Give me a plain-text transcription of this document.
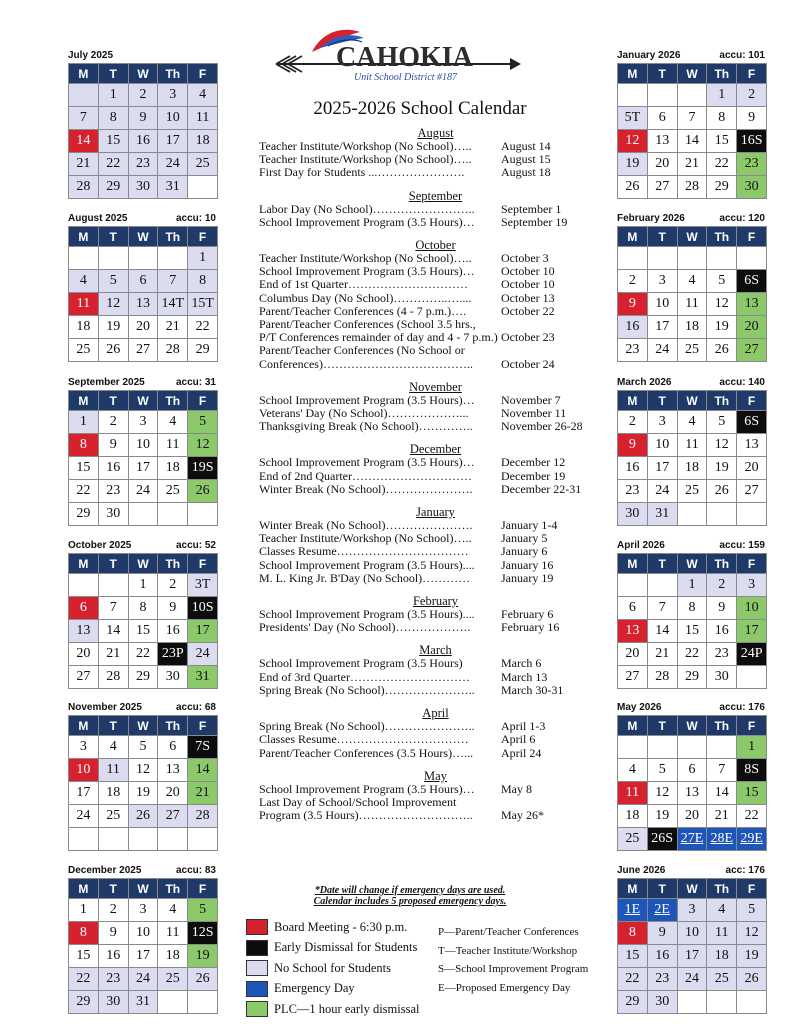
CAHOKIA
Unit School District #187
2025-2026 School Calendar
July 2025
M	T	W	Th	F
	1	2	3	4
7	8	9	10	11
14	15	16	17	18
21	22	23	24	25
28	29	30	31	
August 2025	accu: 10
M	T	W	Th	F
				1
4	5	6	7	8
11	12	13	14T	15T
18	19	20	21	22
25	26	27	28	29
September 2025	accu: 31
M	T	W	Th	F
1	2	3	4	5
8	9	10	11	12
15	16	17	18	19S
22	23	24	25	26
29	30			
October 2025	accu: 52
M	T	W	Th	F
		1	2	3T
6	7	8	9	10S
13	14	15	16	17
20	21	22	23P	24
27	28	29	30	31
November 2025	accu: 68
M	T	W	Th	F
3	4	5	6	7S
10	11	12	13	14
17	18	19	20	21
24	25	26	27	28

December 2025	accu: 83
M	T	W	Th	F
1	2	3	4	5
8	9	10	11	12S
15	16	17	18	19
22	23	24	25	26
29	30	31		
January 2026	accu: 101
M	T	W	Th	F
			1	2
5T	6	7	8	9
12	13	14	15	16S
19	20	21	22	23
26	27	28	29	30
February 2026	accu: 120
M	T	W	Th	F

2	3	4	5	6S
9	10	11	12	13
16	17	18	19	20
23	24	25	26	27
March 2026	accu: 140
M	T	W	Th	F
2	3	4	5	6S
9	10	11	12	13
16	17	18	19	20
23	24	25	26	27
30	31			
April 2026	accu: 159
M	T	W	Th	F
		1	2	3
6	7	8	9	10
13	14	15	16	17
20	21	22	23	24P
27	28	29	30	
May 2026	accu: 176
M	T	W	Th	F
				1
4	5	6	7	8S
11	12	13	14	15
18	19	20	21	22
25	26S	27E	28E	29E
June 2026	acc: 176
M	T	W	Th	F
1E	2E	3	4	5
8	9	10	11	12
15	16	17	18	19
22	23	24	25	26
29	30			
August
Teacher Institute/Workshop (No School)…..	August 14
Teacher Institute/Workshop (No School)…..	August 15
First Day for Students ...………………….	August 18
September
Labor Day (No School)……………………..	September 1
School Improvement Program (3.5 Hours)…	September 19
October
Teacher Institute/Workshop (No School)…..	October 3
School Improvement Program (3.5 Hours)…	October 10
End of 1st Quarter…………………………	October 10
Columbus Day (No School)…………..…....	October 13
Parent/Teacher Conferences (4 - 7 p.m.)….	October 22
Parent/Teacher Conferences (School 3.5 hrs.,
P/T Conferences remainder of day and 4 - 7 p.m.)
October 23
Parent/Teacher Conferences (No School or
Conferences)………………………………..	
October 24
November
School Improvement Program (3.5 Hours)…	November 7
Veterans' Day (No School)………………...	November 11
Thanksgiving Break (No School)…………..	November 26-28
December
School Improvement Program (3.5 Hours)…	December 12
End of 2nd Quarter…………………………	December 19
Winter Break (No School)………………….	December 22-31
January
Winter Break (No School)………………….	January 1-4
Teacher Institute/Workshop (No School)…..	January 5
Classes Resume……………………………	January 6
School Improvement Program (3.5 Hours)....	January 16
M. L. King Jr. B'Day (No School)…………	January 19
February
School Improvement Program (3.5 Hours)....	February 6
Presidents' Day (No School)……………….	February 16
March
School Improvement Program (3.5 Hours)	March 6
End of 3rd Quarter…………………………	March 13
Spring Break (No School)…………………..	March 30-31
April
Spring Break (No School)…………………..	April 1-3
Classes Resume……………………………	April 6
Parent/Teacher Conferences (3.5 Hours)…...	April 24
May
School Improvement Program (3.5 Hours)…	May 8
Last Day of School/School Improvement
Program (3.5 Hours)………………………..	
May 26*
*Date will change if emergency days are used.
Calendar includes 5 proposed emergency days.
Board Meeting - 6:30 p.m.
Early Dismissal for Students
No School for Students
Emergency Day
PLC—1 hour early dismissal
P—Parent/Teacher Conferences
T—Teacher Institute/Workshop
S—School Improvement Program
E—Proposed Emergency Day
